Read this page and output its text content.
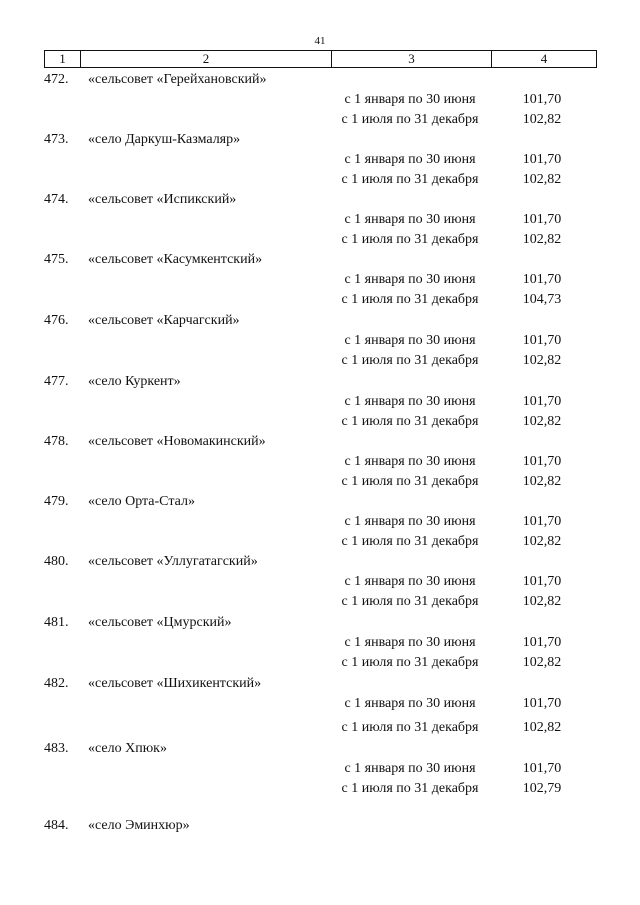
41
1	2	3	4
472.	«сельсовет «Герейхановский»
с 1 января по 30 июня	101,70
с 1 июля по 31 декабря	102,82
473.	«село Даркуш-Казмаляр»
с 1 января по 30 июня	101,70
с 1 июля по 31 декабря	102,82
474.	«сельсовет «Испикский»
с 1 января по 30 июня	101,70
с 1 июля по 31 декабря	102,82
475.	«сельсовет «Касумкентский»
с 1 января по 30 июня	101,70
с 1 июля по 31 декабря	104,73
476.	«сельсовет «Карчагский»
с 1 января по 30 июня	101,70
с 1 июля по 31 декабря	102,82
477.	«село Куркент»
с 1 января по 30 июня	101,70
с 1 июля по 31 декабря	102,82
478.	«сельсовет «Новомакинский»
с 1 января по 30 июня	101,70
с 1 июля по 31 декабря	102,82
479.	«село Орта-Стал»
с 1 января по 30 июня	101,70
с 1 июля по 31 декабря	102,82
480.	«сельсовет «Уллугатагский»
с 1 января по 30 июня	101,70
с 1 июля по 31 декабря	102,82
481.	«сельсовет «Цмурский»
с 1 января по 30 июня	101,70
с 1 июля по 31 декабря	102,82
482.	«сельсовет «Шихикентский»
с 1 января по 30 июня	101,70
с 1 июля по 31 декабря	102,82
483.	«село Хпюк»
с 1 января по 30 июня	101,70
с 1 июля по 31 декабря	102,79
484.	«село Эминхюр»
